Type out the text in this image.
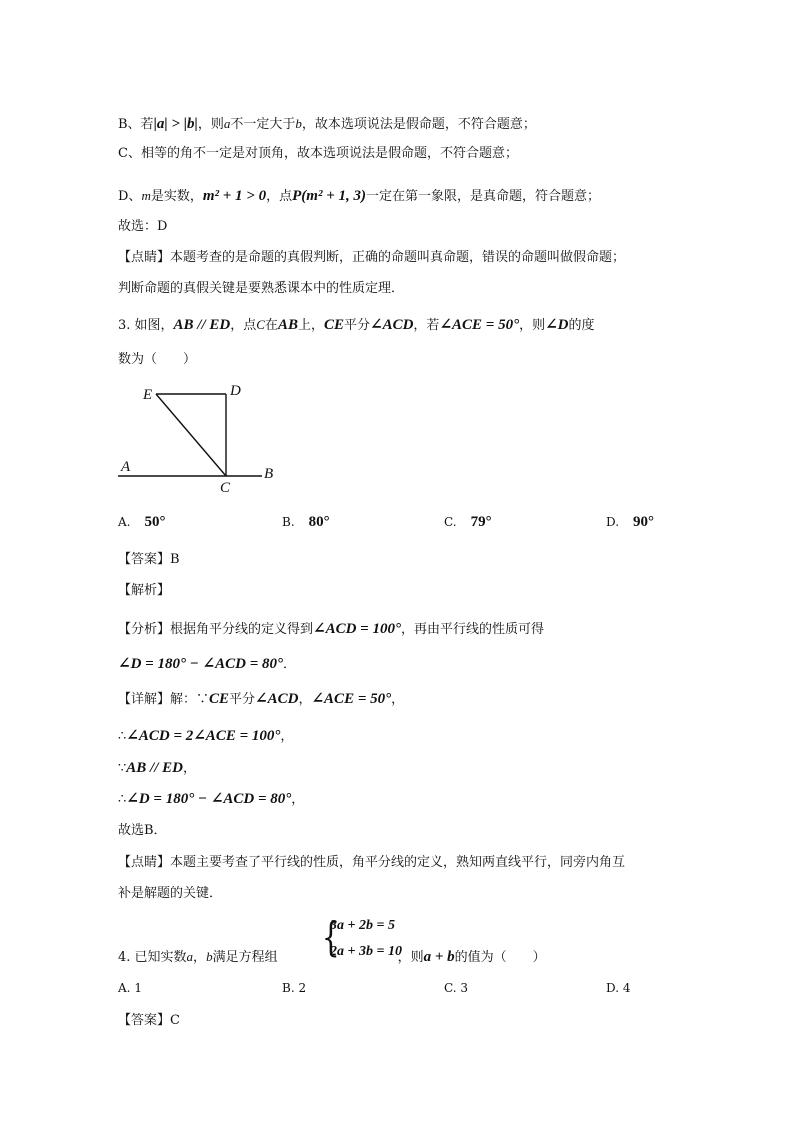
B、若|a| > |b|，则a不一定大于b，故本选项说法是假命题，不符合题意；
C、相等的角不一定是对顶角，故本选项说法是假命题，不符合题意；
D、m是实数，m² + 1 > 0，点P(m² + 1, 3)一定在第一象限，是真命题，符合题意；
故选：D
【点睛】本题考查的是命题的真假判断，正确的命题叫真命题，错误的命题叫做假命题；
判断命题的真假关键是要熟悉课本中的性质定理．
3. 如图，AB // ED，点C在AB上，CE平分∠ACD，若∠ACE = 50°，则∠D的度
数为（　　）
E	D
A	B
C
A. 50°	B. 80°	C. 79°	D. 90°
【答案】B
【解析】
【分析】根据角平分线的定义得到∠ACD = 100°，再由平行线的性质可得
∠D = 180° − ∠ACD = 80°．
【详解】解：∵CE平分∠ACD，∠ACE = 50°，
∴∠ACD = 2∠ACE = 100°，
∵AB // ED，
∴∠D = 180° − ∠ACD = 80°，
故选B．
【点睛】本题主要考查了平行线的性质，角平分线的定义，熟知两直线平行，同旁内角互
补是解题的关键．
{
3a + 2b = 5
2a + 3b = 10
4. 已知实数a，b满足方程组	，则a + b的值为（　　）
A. 1	B. 2	C. 3	D. 4
【答案】C
